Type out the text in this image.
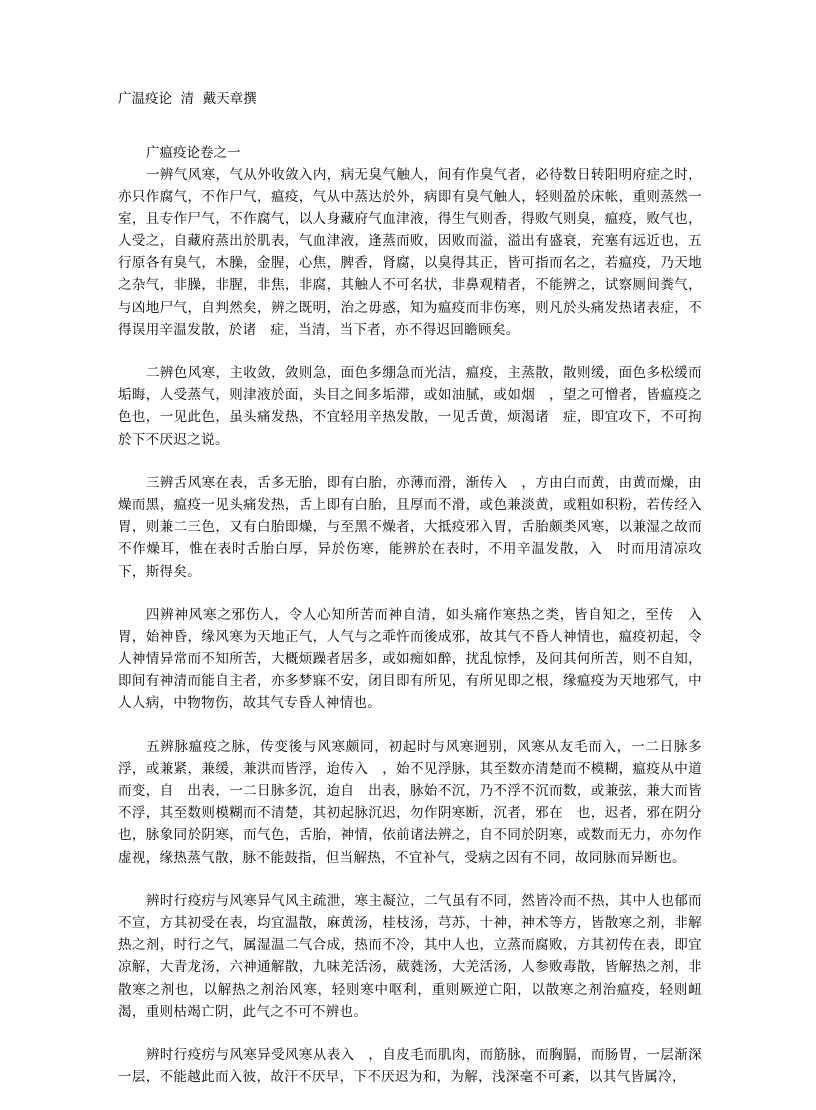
广温疫论  清  戴天章撰
广瘟疫论卷之一

一辨气风寒，气从外收敛入内，病无臭气触人，间有作臭气者，必待数日转阳明府症之时，亦只作腐气，不作尸气，瘟疫，气从中蒸达於外，病即有臭气触人，轻则盈於床帐，重则蒸然一室，且专作尸气，不作腐气，以人身藏府气血津液，得生气则香，得败气则臭，瘟疫，败气也，人受之，自藏府蒸出於肌表，气血津液，逢蒸而败，因败而溢，溢出有盛衰，充塞有远近也，五行原各有臭气，木臊，金腥，心焦，脾香，肾腐，以臭得其正，皆可指而名之，若瘟疫，乃天地之杂气，非臊，非腥，非焦，非腐，其触人不可名状，非鼻观精者，不能辨之，试察厕间粪气，与凶地尸气，自判然矣，辨之既明，治之毋惑，知为瘟疫而非伤寒，则凡於头痛发热诸表症，不得误用辛温发散，於诸　症，当清，当下者，亦不得迟回瞻顾矣。

二辨色风寒，主收敛，敛则急，面色多绷急而光洁，瘟疫，主蒸散，散则缓，面色多松缓而垢晦，人受蒸气，则津液於面，头目之间多垢滞，或如油腻，或如烟　，望之可憎者，皆瘟疫之色也，一见此色，虽头痛发热，不宜轻用辛热发散，一见舌黄，烦渴诸　症，即宜攻下，不可拘於下不厌迟之说。

三辨舌风寒在表，舌多无胎，即有白胎，亦薄而滑，渐传入　，方由白而黄，由黄而燥，由燥而黑，瘟疫一见头痛发热，舌上即有白胎，且厚而不滑，或色兼淡黄，或粗如积粉，若传经入胃，则兼二三色，又有白胎即燥，与至黑不燥者，大抵疫邪入胃，舌胎颇类风寒，以兼湿之故而不作燥耳，惟在表时舌胎白厚，异於伤寒，能辨於在表时，不用辛温发散，入　时而用清凉攻下，斯得矣。

四辨神风寒之邪伤人，令人心知所苦而神自清，如头痛作寒热之类，皆自知之，至传　入胃，始神昏，缘风寒为天地正气，人气与之乖忤而後成邪，故其气不昏人神情也，瘟疫初起，令人神情异常而不知所苦，大概烦躁者居多，或如痴如醉，扰乱惊悸，及问其何所苦，则不自知，即间有神清而能自主者，亦多梦寐不安，闭目即有所见，有所见即之根，缘瘟疫为天地邪气，中人人病，中物物伤，故其气专昏人神情也。

五辨脉瘟疫之脉，传变後与风寒颇同，初起时与风寒迥别，风寒从友毛而入，一二日脉多浮，或兼紧，兼缓，兼洪而皆浮，迨传入　，始不见浮脉，其至数亦清楚而不模糊，瘟疫从中道而变，自　出表，一二日脉多沉，迨自　出表，脉始不沉，乃不浮不沉而数，或兼弦，兼大而皆不浮，其至数则模糊而不清楚，其初起脉沉迟，勿作阴寒断，沉者，邪在　也，迟者，邪在阴分也，脉象同於阴寒，而气色，舌胎，神情，依前诸法辨之，自不同於阴寒，或数而无力，亦勿作虚视，缘热蒸气散，脉不能鼓指，但当解热，不宜补气，受病之因有不同，故同脉而异断也。

辨时行疫疠与风寒异气风主疏泄，寒主凝泣，二气虽有不同，然皆冷而不热，其中人也郁而不宣，方其初受在表，均宜温散，麻黄汤，桂枝汤，芎苏，十神，神术等方，皆散寒之剂，非解热之剂，时行之气，属湿温二气合成，热而不冷，其中人也，立蒸而腐败，方其初传在表，即宜凉解，大青龙汤，六神通解散，九味羌活汤，葳蕤汤，大羌活汤，人参败毒散，皆解热之剂，非散寒之剂也，以解热之剂治风寒，轻则寒中呕利，重则厥逆亡阳，以散寒之剂治瘟疫，轻则衄渴，重则枯竭亡阴，此气之不可不辨也。

辨时行疫疠与风寒异受风寒从表入　，自皮毛而肌肉，而筋脉，而胸膈，而肠胃，一层渐深一层，不能越此而入彼，故汗不厌早，下不厌迟为和，为解，浅深毫不可紊，以其气皆属冷，
